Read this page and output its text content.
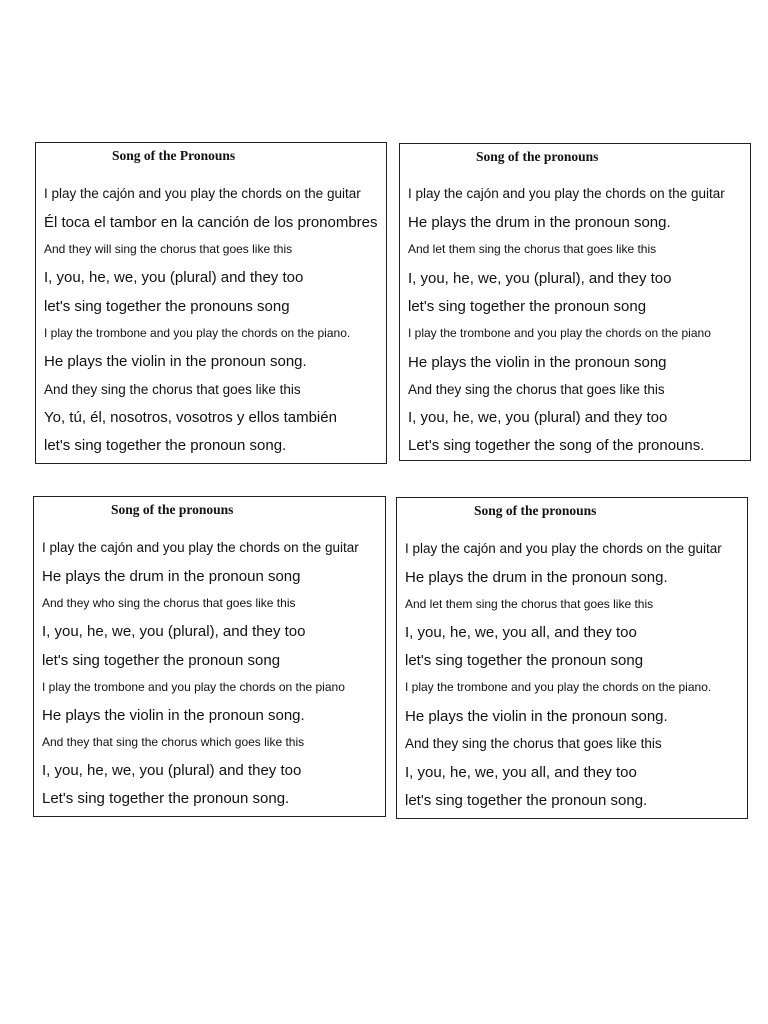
Song of the Pronouns
I play the cajón and you play the chords on the guitar
Él toca el tambor en la canción de los pronombres
And they will sing the chorus that goes like this
I, you, he, we, you (plural) and they too
let's sing together the pronouns song
I play the trombone and you play the chords on the piano.
He plays the violin in the pronoun song.
And they sing the chorus that goes like this
Yo, tú, él, nosotros, vosotros y ellos también
let's sing together the pronoun song.
Song of the pronouns
I play the cajón and you play the chords on the guitar
He plays the drum in the pronoun song.
And let them sing the chorus that goes like this
I, you, he, we, you (plural), and they too
let's sing together the pronoun song
I play the trombone and you play the chords on the piano
He plays the violin in the pronoun song
And they sing the chorus that goes like this
I, you, he, we, you (plural) and they too
Let's sing together the song of the pronouns.
Song of the pronouns
I play the cajón and you play the chords on the guitar
He plays the drum in the pronoun song
And they who sing the chorus that goes like this
I, you, he, we, you (plural), and they too
let's sing together the pronoun song
I play the trombone and you play the chords on the piano
He plays the violin in the pronoun song.
And they that sing the chorus which goes like this
I, you, he, we, you (plural) and they too
Let's sing together the pronoun song.
Song of the pronouns
I play the cajón and you play the chords on the guitar
He plays the drum in the pronoun song.
And let them sing the chorus that goes like this
I, you, he, we, you all, and they too
let's sing together the pronoun song
I play the trombone and you play the chords on the piano.
He plays the violin in the pronoun song.
And they sing the chorus that goes like this
I, you, he, we, you all, and they too
let's sing together the pronoun song.
